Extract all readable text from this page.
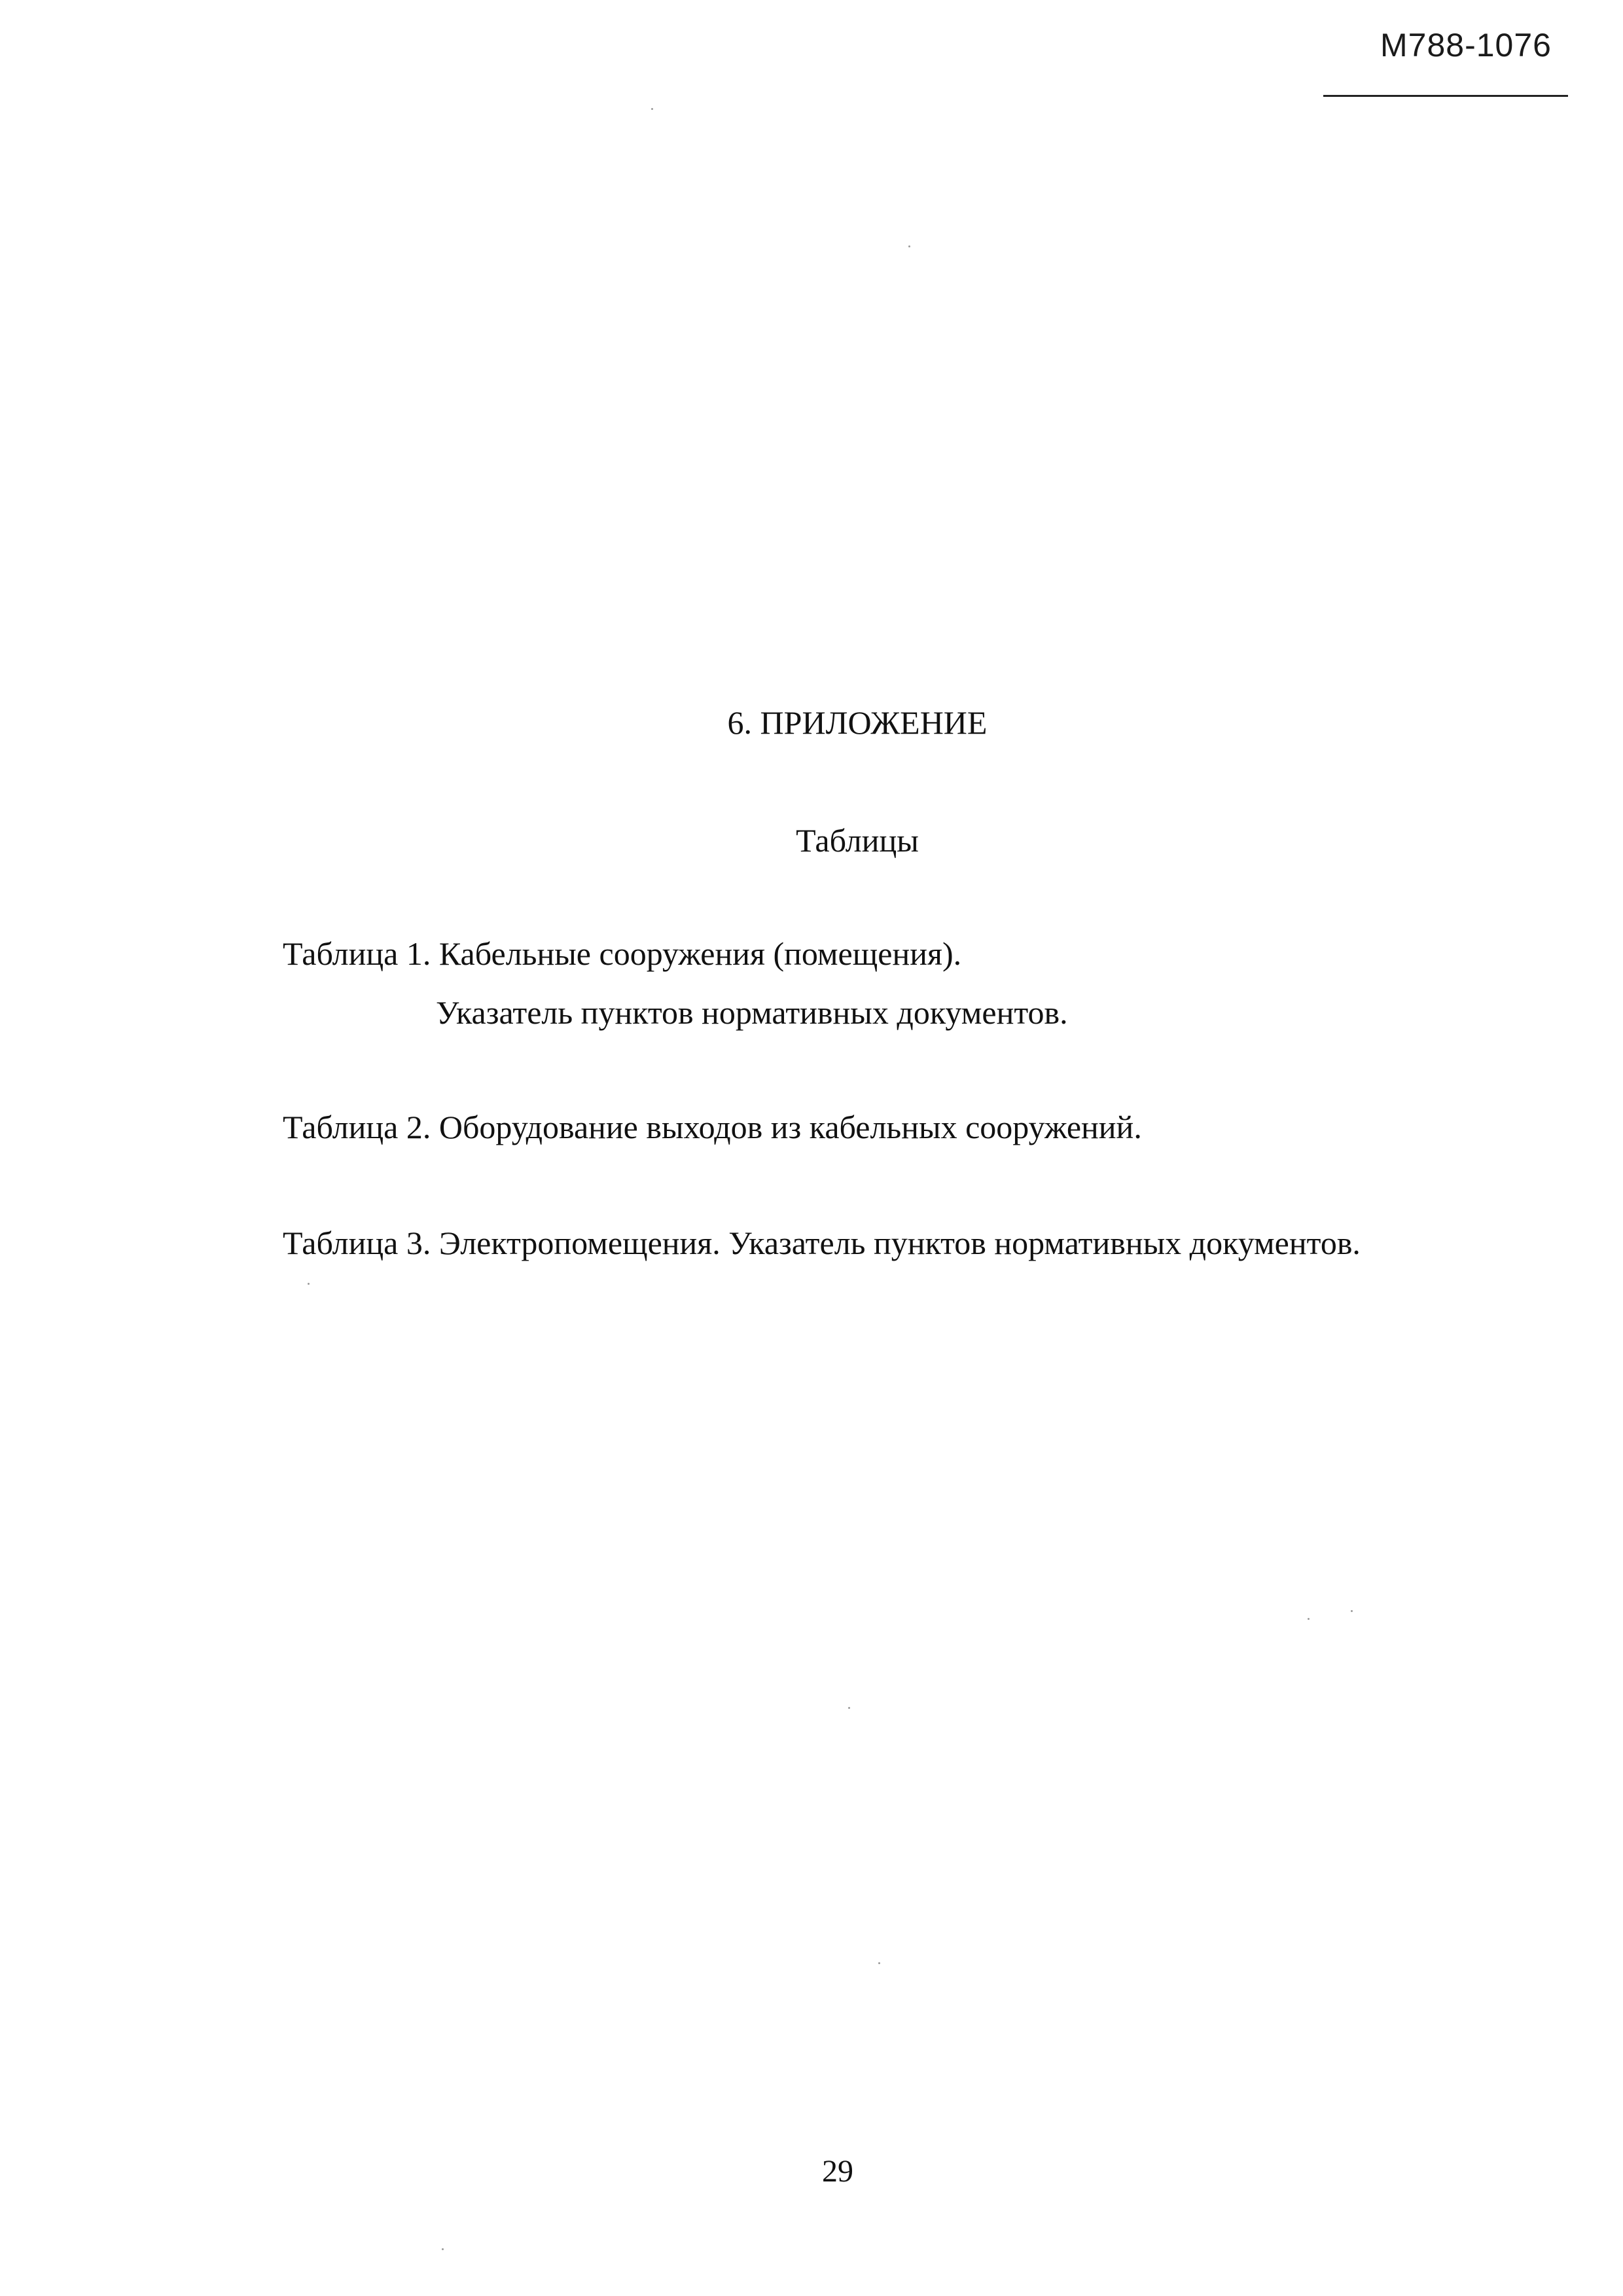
М788-1076
6. ПРИЛОЖЕНИЕ
Таблицы
Таблица 1. Кабельные сооружения (помещения).
Указатель пунктов нормативных документов.
Таблица 2. Оборудование выходов из кабельных сооружений.
Таблица 3. Электропомещения. Указатель пунктов нормативных документов.
29
